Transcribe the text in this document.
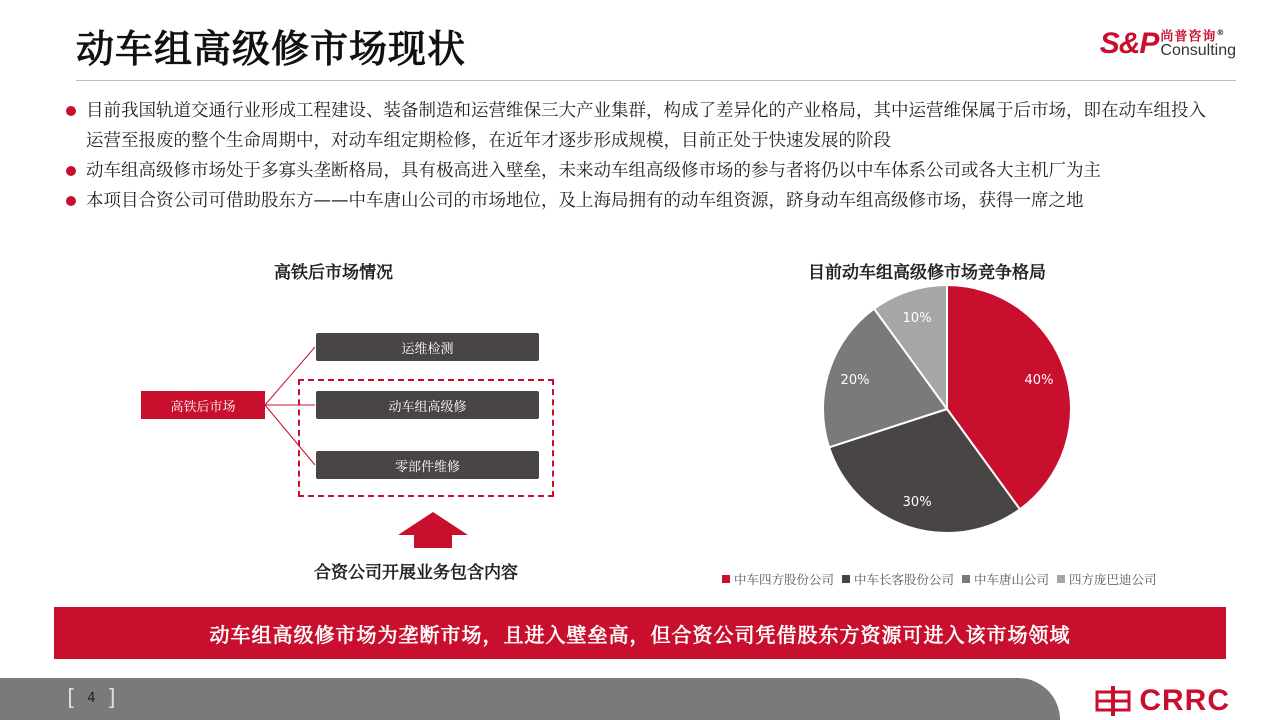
动车组高级修市场现状	S&P 尚普咨询®
Consulting
目前我国轨道交通行业形成工程建设、装备制造和运营维保三大产业集群，构成了差异化的产业格局，其中运营维保属于后市场，即在动车组投入运营至报废的整个生命周期中，对动车组定期检修，在近年才逐步形成规模，目前正处于快速发展的阶段
动车组高级修市场处于多寡头垄断格局，具有极高进入壁垒，未来动车组高级修市场的参与者将仍以中车体系公司或各大主机厂为主
本项目合资公司可借助股东方——中车唐山公司的市场地位，及上海局拥有的动车组资源，跻身动车组高级修市场，获得一席之地
高铁后市场情况
高铁后市场
运维检测
动车组高级修
零部件维修
合资公司开展业务包含内容
目前动车组高级修市场竞争格局
40%
30%
20%
10%
中车四方股份公司 中车长客股份公司 中车唐山公司 四方庞巴迪公司
动车组高级修市场为垄断市场，且进入壁垒高，但合资公司凭借股东方资源可进入该市场领域
[ 4 ]	CRRC
